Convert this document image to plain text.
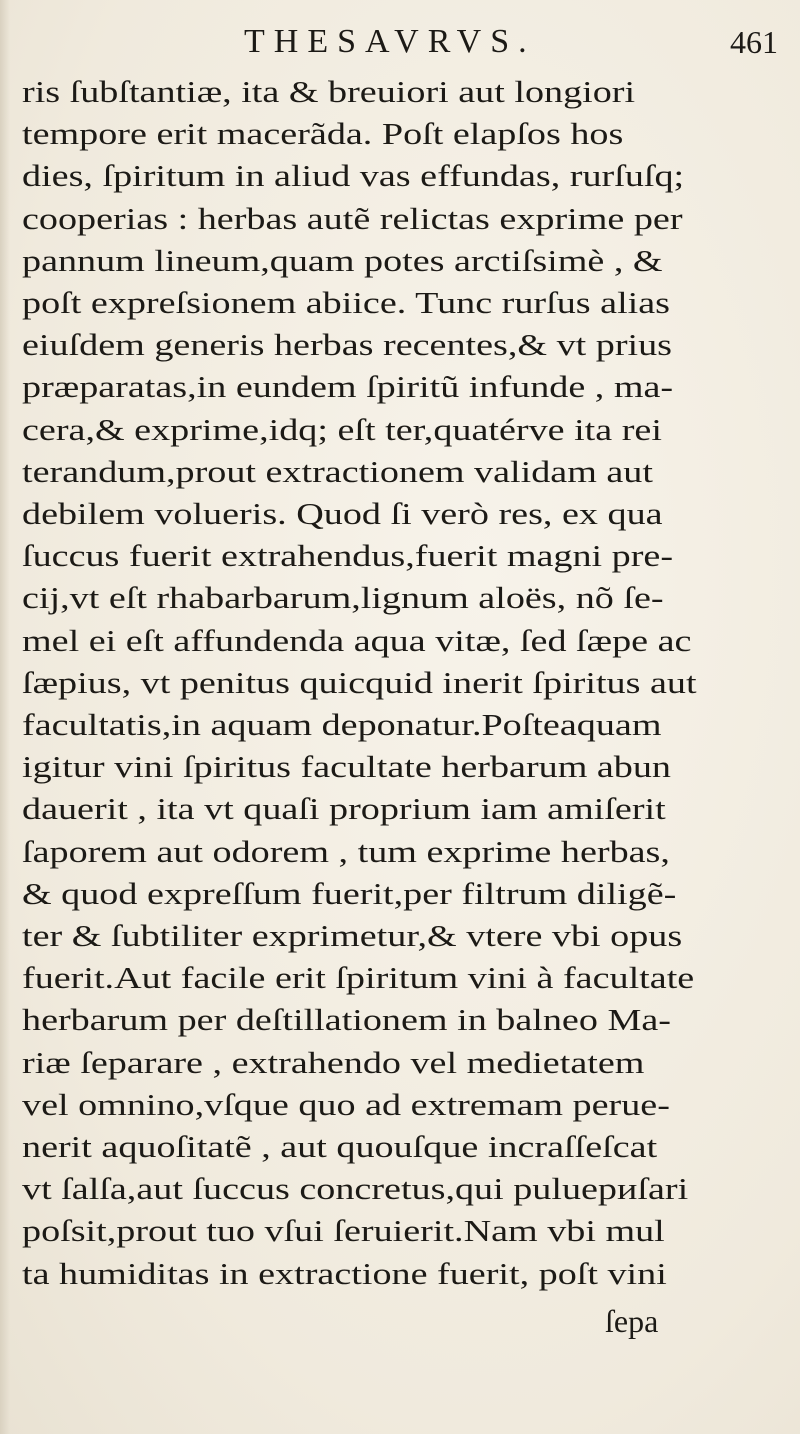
THESAVRVS.	461
ris ſubſtantiæ, ita & breuiori aut longiori
tempore erit macerãda. Poſt elapſos hos
dies, ſpiritum in aliud vas effundas, rurſuſq;
cooperias : herbas autẽ relictas exprime per
pannum lineum,quam potes arctiſsimè , &
poſt expreſsionem abiice. Tunc rurſus alias
eiuſdem generis herbas recentes,& vt prius
præparatas,in eundem ſpiritũ infunde , ma-
cera,& exprime,idq; eſt ter,quatérve ita rei
terandum,prout extractionem validam aut
debilem volueris. Quod ſi verò res, ex qua
ſuccus fuerit extrahendus,fuerit magni pre-
cij,vt eſt rhabarbarum,lignum aloës, nõ ſe-
mel ei eſt affundenda aqua vitæ, ſed ſæpe ac
ſæpius, vt penitus quicquid inerit ſpiritus aut
facultatis,in aquam deponatur.Poſteaquam
igitur vini ſpiritus facultate herbarum abun
dauerit , ita vt quaſi proprium iam amiſerit
ſaporem aut odorem , tum exprime herbas,
& quod expreſſum fuerit,per filtrum diligẽ-
ter & ſubtiliter exprimetur,& vtere vbi opus
fuerit.Aut facile erit ſpiritum vini à facultate
herbarum per deſtillationem in balneo Ma-
riæ ſeparare , extrahendo vel medietatem
vel omnino,vſque quo ad extremam perue-
nerit aquoſitatẽ , aut quouſque incraſſeſcat
vt ſalſa,aut ſuccus concretus,qui puluериſari
poſsit,prout tuo vſui ſeruierit.Nam vbi mul
ta humiditas in extractione fuerit, poſt vini
ſepa
